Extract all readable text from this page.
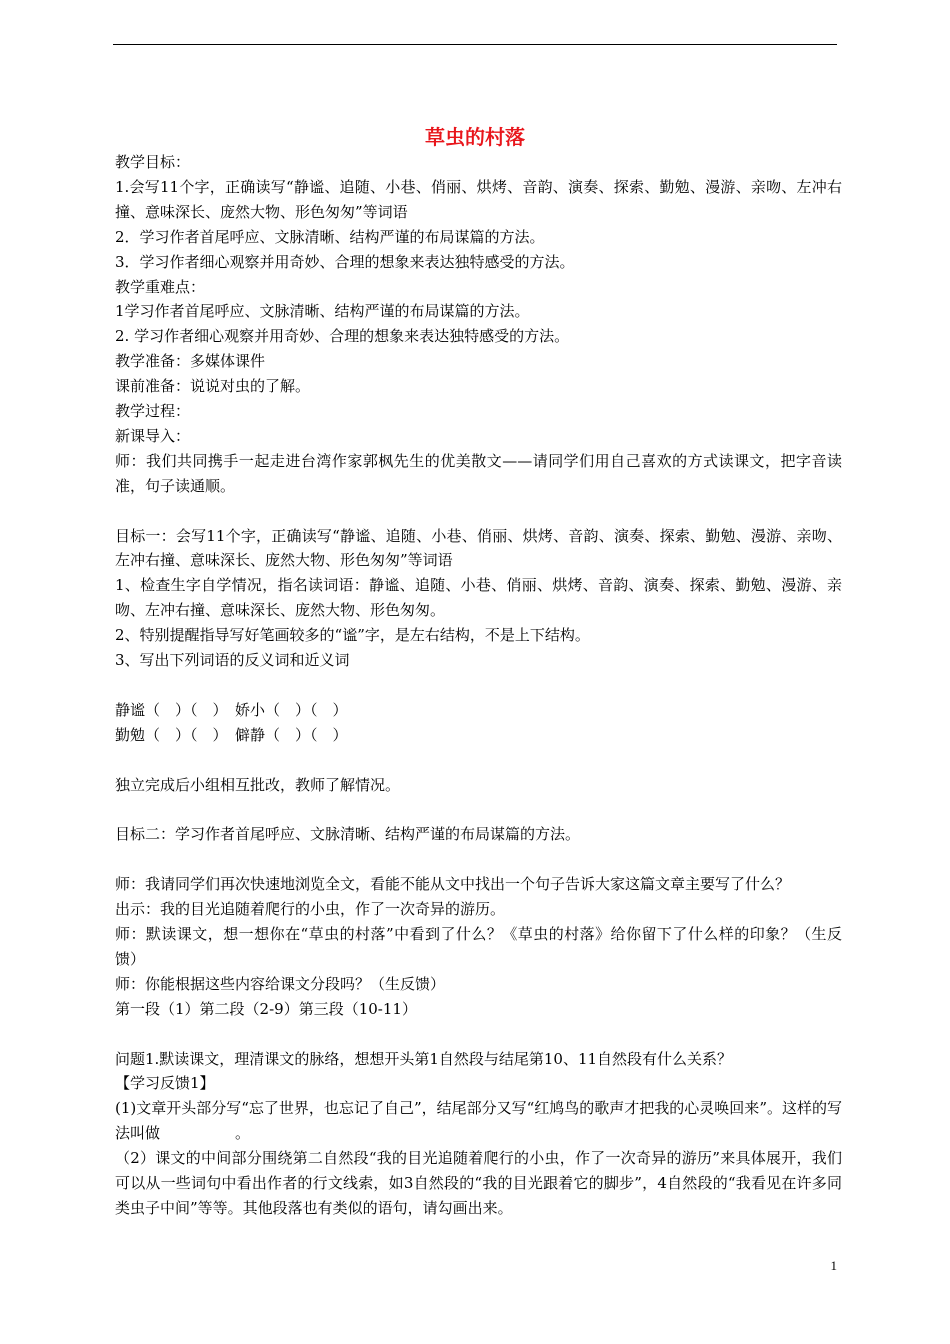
草虫的村落
教学目标：
1.会写11个字，正确读写“静谧、追随、小巷、俏丽、烘烤、音韵、演奏、探索、勤勉、漫游、亲吻、左冲右撞、意味深长、庞然大物、形色匆匆”等词语
2．学习作者首尾呼应、文脉清晰、结构严谨的布局谋篇的方法。
3．学习作者细心观察并用奇妙、合理的想象来表达独特感受的方法。
教学重难点：
1学习作者首尾呼应、文脉清晰、结构严谨的布局谋篇的方法。
2. 学习作者细心观察并用奇妙、合理的想象来表达独特感受的方法。
教学准备：多媒体课件
课前准备：说说对虫的了解。
教学过程：
新课导入：
师：我们共同携手一起走进台湾作家郭枫先生的优美散文——请同学们用自己喜欢的方式读课文，把字音读准，句子读通顺。
目标一：会写11个字，正确读写“静谧、追随、小巷、俏丽、烘烤、音韵、演奏、探索、勤勉、漫游、亲吻、左冲右撞、意味深长、庞然大物、形色匆匆”等词语
1、检查生字自学情况，指名读词语：静谧、追随、小巷、俏丽、烘烤、音韵、演奏、探索、勤勉、漫游、亲吻、左冲右撞、意味深长、庞然大物、形色匆匆。
2、特别提醒指导写好笔画较多的“谧”字，是左右结构，不是上下结构。
3、写出下列词语的反义词和近义词
静谧（　）（　）　娇小（　）（　）
勤勉（　）（　）　僻静（　）（　）
独立完成后小组相互批改，教师了解情况。
目标二：学习作者首尾呼应、文脉清晰、结构严谨的布局谋篇的方法。
师：我请同学们再次快速地浏览全文，看能不能从文中找出一个句子告诉大家这篇文章主要写了什么？
出示：我的目光追随着爬行的小虫，作了一次奇异的游历。
师：默读课文，想一想你在“草虫的村落”中看到了什么？《草虫的村落》给你留下了什么样的印象？（生反馈）
师：你能根据这些内容给课文分段吗？（生反馈）
第一段（1）第二段（2-9）第三段（10-11）
问题1.默读课文，理清课文的脉络，想想开头第1自然段与结尾第10、11自然段有什么关系？
【学习反馈1】
(1)文章开头部分写“忘了世界，也忘记了自己”，结尾部分又写“红鸠鸟的歌声才把我的心灵唤回来”。这样的写法叫做　　　　　。
（2）课文的中间部分围绕第二自然段“我的目光追随着爬行的小虫，作了一次奇异的游历”来具体展开，我们可以从一些词句中看出作者的行文线索，如3自然段的“我的目光跟着它的脚步”，4自然段的“我看见在许多同类虫子中间”等等。其他段落也有类似的语句，请勾画出来。
1
